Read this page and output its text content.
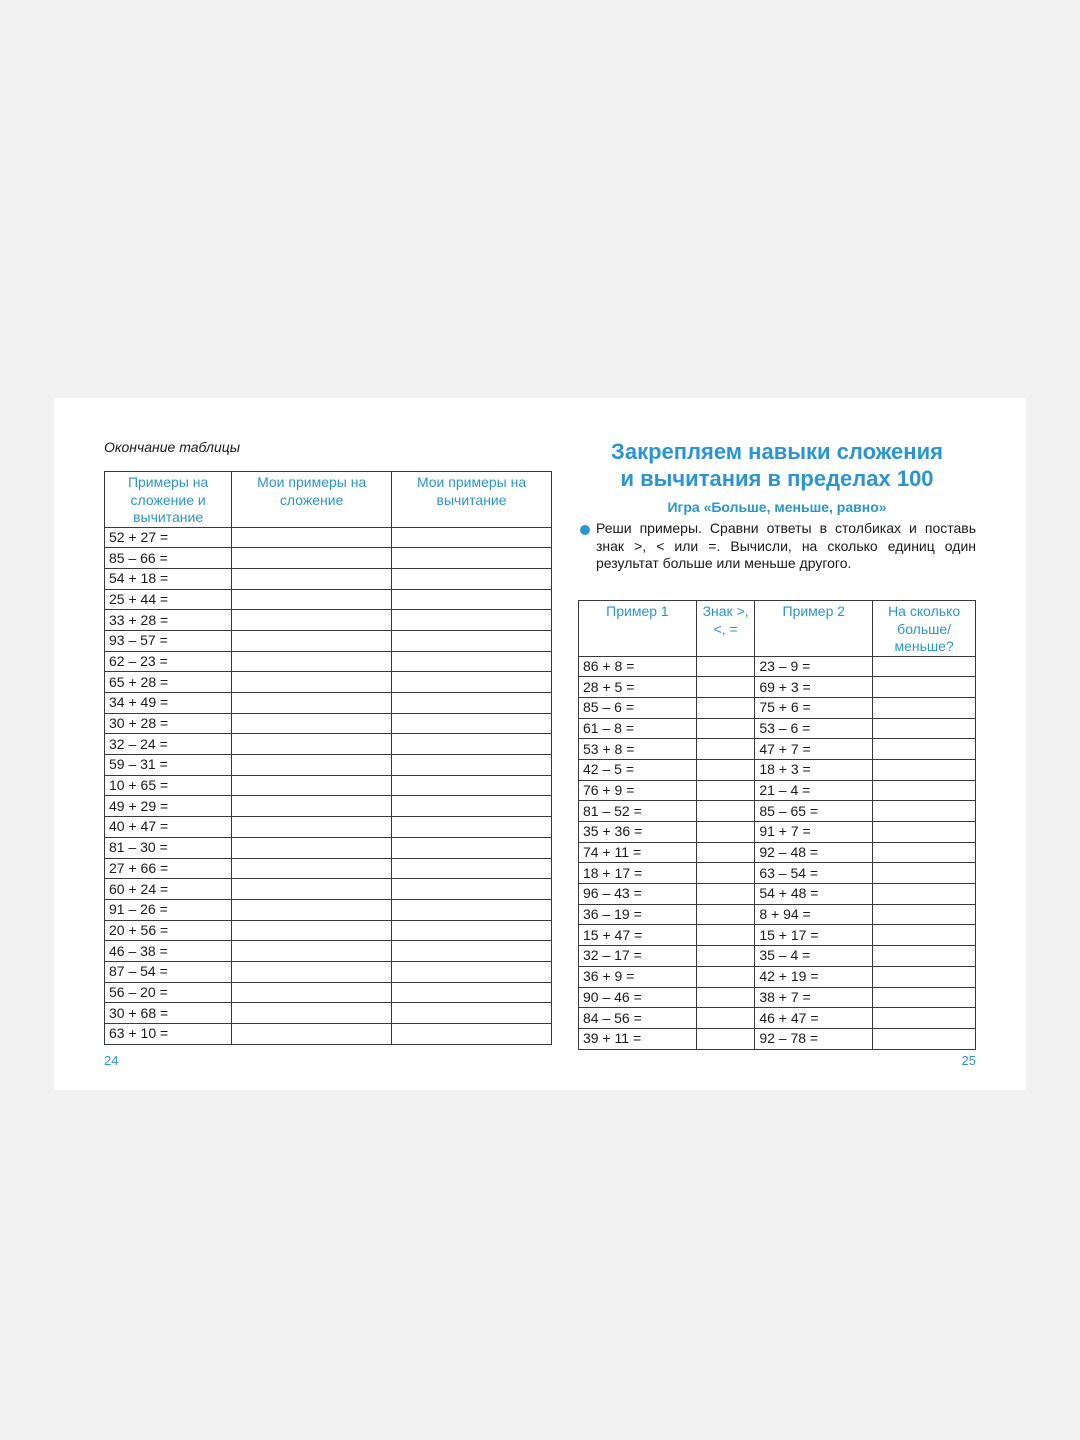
Окончание таблицы
Примеры на сложение и вычитание	Мои примеры на сложение	Мои примеры на вычитание
52 + 27 =		
85 – 66 =		
54 + 18 =		
25 + 44 =		
33 + 28 =		
93 – 57 =		
62 – 23 =		
65 + 28 =		
34 + 49 =		
30 + 28 =		
32 – 24 =		
59 – 31 =		
10 + 65 =		
49 + 29 =		
40 + 47 =		
81 – 30 =		
27 + 66 =		
60 + 24 =		
91 – 26 =		
20 + 56 =		
46 – 38 =		
87 – 54 =		
56 – 20 =		
30 + 68 =		
63 + 10 =		
24
Закрепляем навыки сложения
и вычитания в пределах 100
Игра «Больше, меньше, равно»
Реши примеры. Сравни ответы в столбиках и поставь знак >, < или =. Вычисли, на сколько единиц один результат больше или меньше другого.
Пример 1	Знак >, <, =	Пример 2	На сколько больше/ меньше?
86 + 8 =		23 – 9 =	
28 + 5 =		69 + 3 =	
85 – 6 =		75 + 6 =	
61 – 8 =		53 – 6 =	
53 + 8 =		47 + 7 =	
42 – 5 =		18 + 3 =	
76 + 9 =		21 – 4 =	
81 – 52 =		85 – 65 =	
35 + 36 =		91 + 7 =	
74 + 11 =		92 – 48 =	
18 + 17 =		63 – 54 =	
96 – 43 =		54 + 48 =	
36 – 19 =		8 + 94 =	
15 + 47 =		15 + 17 =	
32 – 17 =		35 – 4 =	
36 + 9 =		42 + 19 =	
90 – 46 =		38 + 7 =	
84 – 56 =		46 + 47 =	
39 + 11 =		92 – 78 =	
25
